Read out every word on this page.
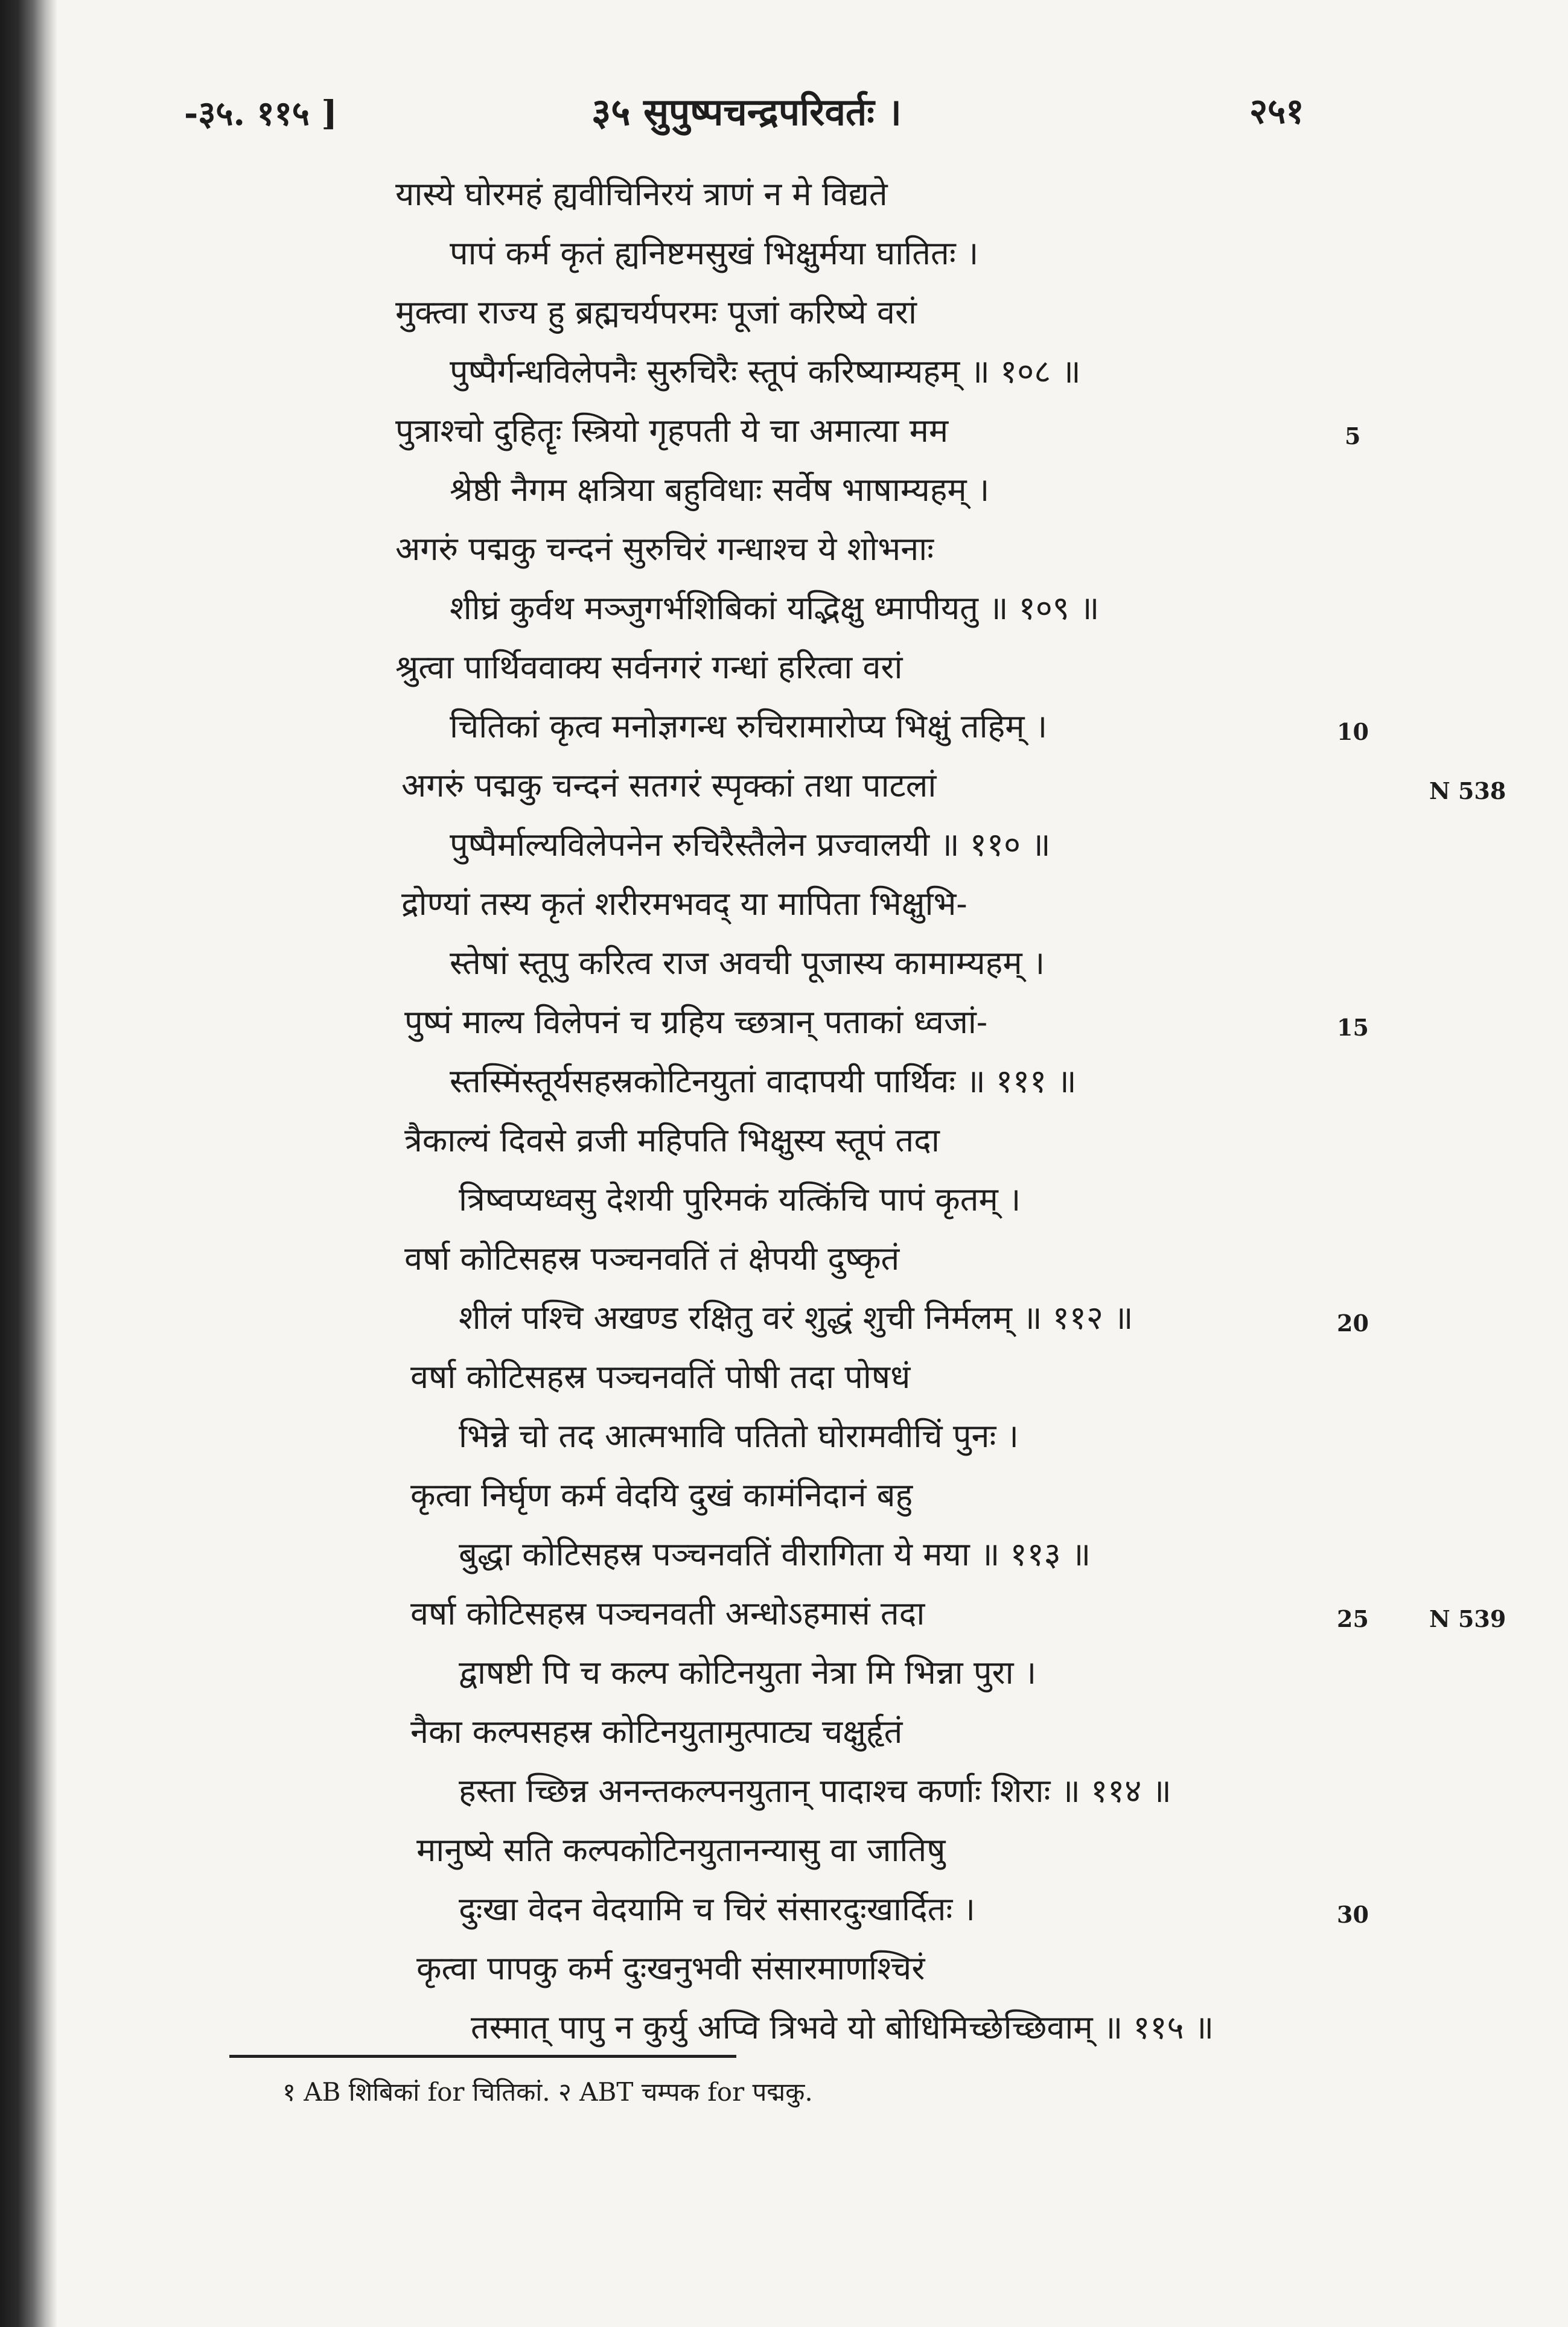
-३५. ११५ ]	३५ सुपुष्पचन्द्रपरिवर्तः ।	२५१
यास्ये घोरमहं ह्यवीचिनिरयं त्राणं न मे विद्यते
पापं कर्म कृतं ह्यनिष्टमसुखं भिक्षुर्मया घातितः ।
मुक्त्वा राज्य हु ब्रह्मचर्यपरमः पूजां करिष्ये वरां
पुष्पैर्गन्धविलेपनैः सुरुचिरैः स्तूपं करिष्याम्यहम् ॥ १०८ ॥
पुत्राश्चो दुहितॄः स्त्रियो गृहपती ये चा अमात्या मम	5
श्रेष्ठी नैगम क्षत्रिया बहुविधाः सर्वेष भाषाम्यहम् ।
अगरुं पद्मकु चन्दनं सुरुचिरं गन्धाश्च ये शोभनाः
शीघ्रं कुर्वथ मञ्जुगर्भशिबिकां यद्भिक्षु ध्मापीयतु ॥ १०९ ॥
श्रुत्वा पार्थिववाक्य सर्वनगरं गन्धां हरित्वा वरां
चितिकां कृत्व मनोज्ञगन्ध रुचिरामारोप्य भिक्षुं तहिम् ।	10
अगरुं पद्मकु चन्दनं सतगरं स्पृक्कां तथा पाटलां	N 538
पुष्पैर्माल्यविलेपनेन रुचिरैस्तैलेन प्रज्वालयी ॥ ११० ॥
द्रोण्यां तस्य कृतं शरीरमभवद् या मापिता भिक्षुभि-
स्तेषां स्तूपु करित्व राज अवची पूजास्य कामाम्यहम् ।
पुष्पं माल्य विलेपनं च ग्रहिय च्छत्रान् पताकां ध्वजां-	15
स्तस्मिंस्तूर्यसहस्रकोटिनयुतां वादापयी पार्थिवः ॥ १११ ॥
त्रैकाल्यं दिवसे व्रजी महिपति भिक्षुस्य स्तूपं तदा
त्रिष्वप्यध्वसु देशयी पुरिमकं यत्किंचि पापं कृतम् ।
वर्षा कोटिसहस्र पञ्चनवतिं तं क्षेपयी दुष्कृतं
शीलं पश्चि अखण्ड रक्षितु वरं शुद्धं शुची निर्मलम् ॥ ११२ ॥	20
वर्षा कोटिसहस्र पञ्चनवतिं पोषी तदा पोषधं
भिन्ने चो तद आत्मभावि पतितो घोरामवीचिं पुनः ।
कृत्वा निर्घृण कर्म वेदयि दुखं कामंनिदानं बहु
बुद्धा कोटिसहस्र पञ्चनवतिं वीरागिता ये मया ॥ ११३ ॥
वर्षा कोटिसहस्र पञ्चनवती अन्धोऽहमासं तदा	25	N 539
द्वाषष्टी पि च कल्प कोटिनयुता नेत्रा मि भिन्ना पुरा ।
नैका कल्पसहस्र कोटिनयुतामुत्पाट्य चक्षुर्हृतं
हस्ता च्छिन्न अनन्तकल्पनयुतान् पादाश्च कर्णाः शिराः ॥ ११४ ॥
मानुष्ये सति कल्पकोटिनयुतानन्यासु वा जातिषु
दुःखा वेदन वेदयामि च चिरं संसारदुःखार्दितः ।	30
कृत्वा पापकु कर्म दुःखनुभवी संसारमाणश्चिरं
तस्मात् पापु न कुर्यु अप्वि त्रिभवे यो बोधिमिच्छेच्छिवाम् ॥ ११५ ॥
१ AB शिबिकां for चितिकां. २ ABT चम्पक for पद्मकु.
